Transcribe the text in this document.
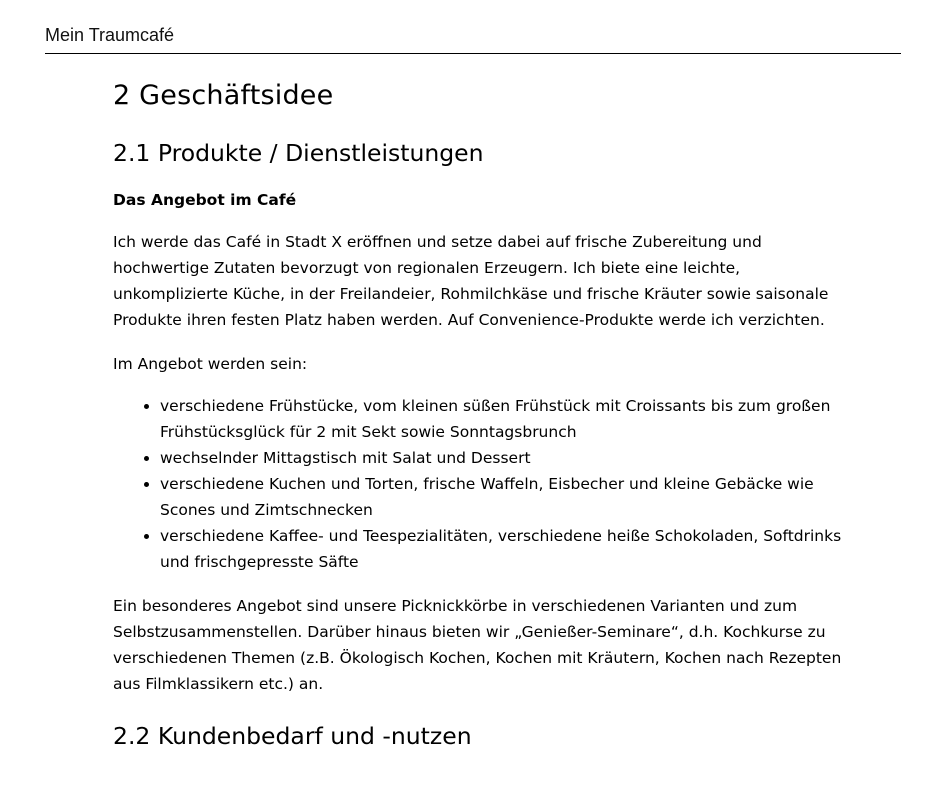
Mein Traumcafé
2 Geschäftsidee
2.1 Produkte / Dienstleistungen

Das Angebot im Café

Ich werde das Café in Stadt X eröffnen und setze dabei auf frische Zubereitung und hochwertige Zutaten bevorzugt von regionalen Erzeugern. Ich biete eine leichte, unkomplizierte Küche, in der Freilandeier, Rohmilchkäse und frische Kräuter sowie saisonale Produkte ihren festen Platz haben werden. Auf Convenience-Produkte werde ich verzichten.

Im Angebot werden sein:

• verschiedene Frühstücke, vom kleinen süßen Frühstück mit Croissants bis zum großen Frühstücksglück für 2 mit Sekt sowie Sonntagsbrunch
• wechselnder Mittagstisch mit Salat und Dessert
• verschiedene Kuchen und Torten, frische Waffeln, Eisbecher und kleine Gebäcke wie Scones und Zimtschnecken
• verschiedene Kaffee- und Teespezialitäten, verschiedene heiße Schokoladen, Softdrinks und frischgepresste Säfte

Ein besonderes Angebot sind unsere Picknickkörbe in verschiedenen Varianten und zum Selbstzusammenstellen. Darüber hinaus bieten wir „Genießer-Seminare“, d.h. Kochkurse zu verschiedenen Themen (z.B. Ökologisch Kochen, Kochen mit Kräutern, Kochen nach Rezepten aus Filmklassikern etc.) an.

2.2 Kundenbedarf und -nutzen
